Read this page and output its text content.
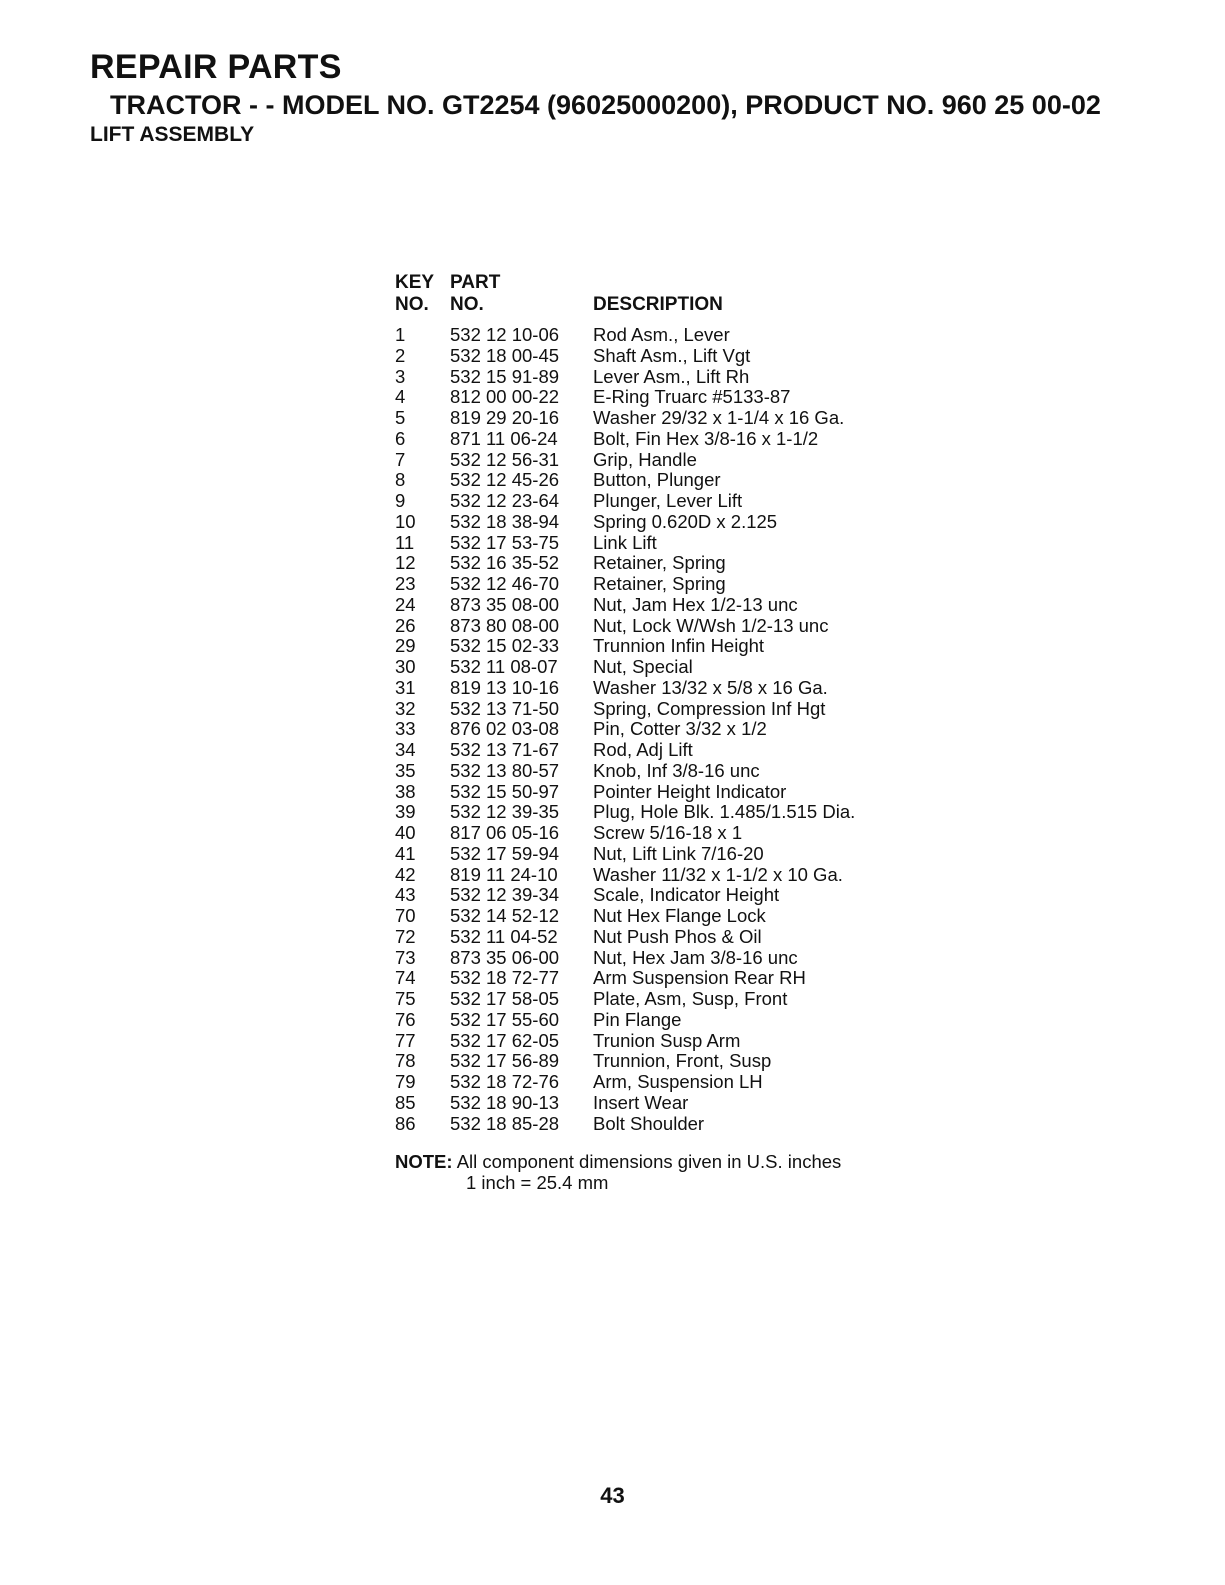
REPAIR PARTS
TRACTOR - - MODEL NO. GT2254 (96025000200), PRODUCT NO. 960 25 00-02
LIFT ASSEMBLY
KEY
NO.
PART
NO.	DESCRIPTION
1 532 12 10-06 Rod Asm., Lever
2 532 18 00-45 Shaft Asm., Lift Vgt
3 532 15 91-89 Lever Asm., Lift Rh
4 812 00 00-22 E-Ring Truarc #5133-87
5 819 29 20-16 Washer 29/32 x 1-1/4 x 16 Ga.
6 871 11 06-24 Bolt, Fin Hex 3/8-16 x 1-1/2
7 532 12 56-31 Grip, Handle
8 532 12 45-26 Button, Plunger
9 532 12 23-64 Plunger, Lever Lift
10 532 18 38-94 Spring 0.620D x 2.125
11 532 17 53-75 Link Lift
12 532 16 35-52 Retainer, Spring
23 532 12 46-70 Retainer, Spring
24 873 35 08-00 Nut, Jam Hex 1/2-13 unc
26 873 80 08-00 Nut, Lock W/Wsh 1/2-13 unc
29 532 15 02-33 Trunnion Infin Height
30 532 11 08-07 Nut, Special
31 819 13 10-16 Washer 13/32 x 5/8 x 16 Ga.
32 532 13 71-50 Spring, Compression Inf Hgt
33 876 02 03-08 Pin, Cotter 3/32 x 1/2
34 532 13 71-67 Rod, Adj Lift
35 532 13 80-57 Knob, Inf 3/8-16 unc
38 532 15 50-97 Pointer Height Indicator
39 532 12 39-35 Plug, Hole Blk. 1.485/1.515 Dia.
40 817 06 05-16 Screw 5/16-18 x 1
41 532 17 59-94 Nut, Lift Link 7/16-20
42 819 11 24-10 Washer 11/32 x 1-1/2 x 10 Ga.
43 532 12 39-34 Scale, Indicator Height
70 532 14 52-12 Nut Hex Flange Lock
72 532 11 04-52 Nut Push Phos & Oil
73 873 35 06-00 Nut, Hex Jam 3/8-16 unc
74 532 18 72-77 Arm Suspension Rear RH
75 532 17 58-05 Plate, Asm, Susp, Front
76 532 17 55-60 Pin Flange
77 532 17 62-05 Trunion Susp Arm
78 532 17 56-89 Trunnion, Front, Susp
79 532 18 72-76 Arm, Suspension LH
85 532 18 90-13 Insert Wear
86 532 18 85-28 Bolt Shoulder
NOTE: All component dimensions given in U.S. inches
1 inch = 25.4 mm
43
